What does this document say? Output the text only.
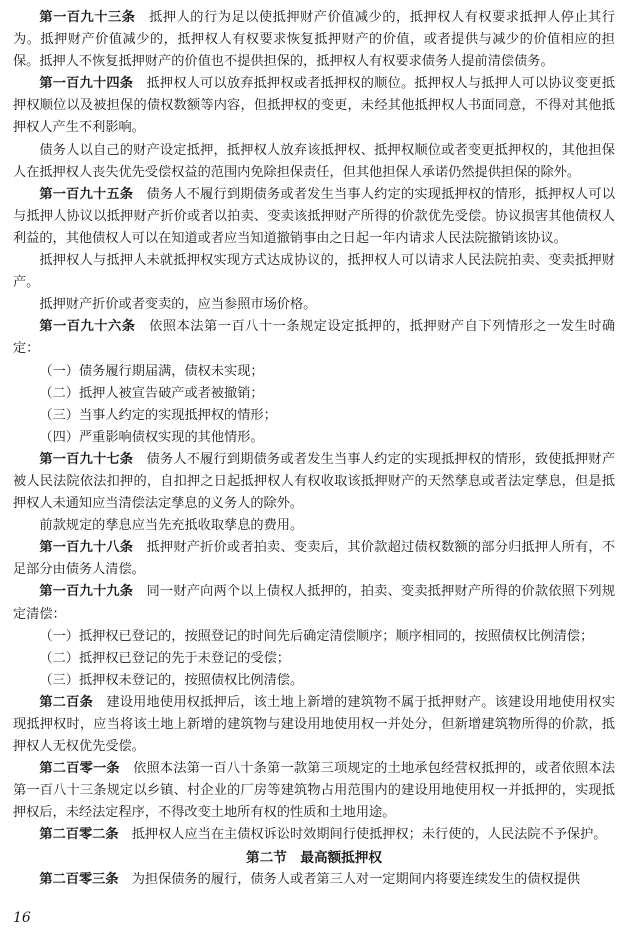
第一百九十三条 抵押人的行为足以使抵押财产价值减少的，抵押权人有权要求抵押人停止其行为。抵押财产价值减少的，抵押权人有权要求恢复抵押财产的价值，或者提供与减少的价值相应的担保。抵押人不恢复抵押财产的价值也不提供担保的，抵押权人有权要求债务人提前清偿债务。

第一百九十四条 抵押权人可以放弃抵押权或者抵押权的顺位。抵押权人与抵押人可以协议变更抵押权顺位以及被担保的债权数额等内容，但抵押权的变更，未经其他抵押权人书面同意，不得对其他抵押权人产生不利影响。

债务人以自己的财产设定抵押，抵押权人放弃该抵押权、抵押权顺位或者变更抵押权的，其他担保人在抵押权人丧失优先受偿权益的范围内免除担保责任，但其他担保人承诺仍然提供担保的除外。

第一百九十五条 债务人不履行到期债务或者发生当事人约定的实现抵押权的情形，抵押权人可以与抵押人协议以抵押财产折价或者以拍卖、变卖该抵押财产所得的价款优先受偿。协议损害其他债权人利益的，其他债权人可以在知道或者应当知道撤销事由之日起一年内请求人民法院撤销该协议。

抵押权人与抵押人未就抵押权实现方式达成协议的，抵押权人可以请求人民法院拍卖、变卖抵押财产。

抵押财产折价或者变卖的，应当参照市场价格。

第一百九十六条 依照本法第一百八十一条规定设定抵押的，抵押财产自下列情形之一发生时确定：

（一）债务履行期届满，债权未实现；

（二）抵押人被宣告破产或者被撤销；

（三）当事人约定的实现抵押权的情形；

（四）严重影响债权实现的其他情形。

第一百九十七条 债务人不履行到期债务或者发生当事人约定的实现抵押权的情形，致使抵押财产被人民法院依法扣押的，自扣押之日起抵押权人有权收取该抵押财产的天然孳息或者法定孳息，但是抵押权人未通知应当清偿法定孳息的义务人的除外。

前款规定的孳息应当先充抵收取孳息的费用。

第一百九十八条 抵押财产折价或者拍卖、变卖后，其价款超过债权数额的部分归抵押人所有，不足部分由债务人清偿。

第一百九十九条 同一财产向两个以上债权人抵押的，拍卖、变卖抵押财产所得的价款依照下列规定清偿：

（一）抵押权已登记的，按照登记的时间先后确定清偿顺序；顺序相同的，按照债权比例清偿；

（二）抵押权已登记的先于未登记的受偿；

（三）抵押权未登记的，按照债权比例清偿。

第二百条 建设用地使用权抵押后，该土地上新增的建筑物不属于抵押财产。该建设用地使用权实现抵押权时，应当将该土地上新增的建筑物与建设用地使用权一并处分，但新增建筑物所得的价款，抵押权人无权优先受偿。

第二百零一条 依照本法第一百八十条第一款第三项规定的土地承包经营权抵押的，或者依照本法第一百八十三条规定以乡镇、村企业的厂房等建筑物占用范围内的建设用地使用权一并抵押的，实现抵押权后，未经法定程序，不得改变土地所有权的性质和土地用途。

第二百零二条 抵押权人应当在主债权诉讼时效期间行使抵押权；未行使的，人民法院不予保护。

第二节　最高额抵押权

第二百零三条 为担保债务的履行，债务人或者第三人对一定期间内将要连续发生的债权提供

16
